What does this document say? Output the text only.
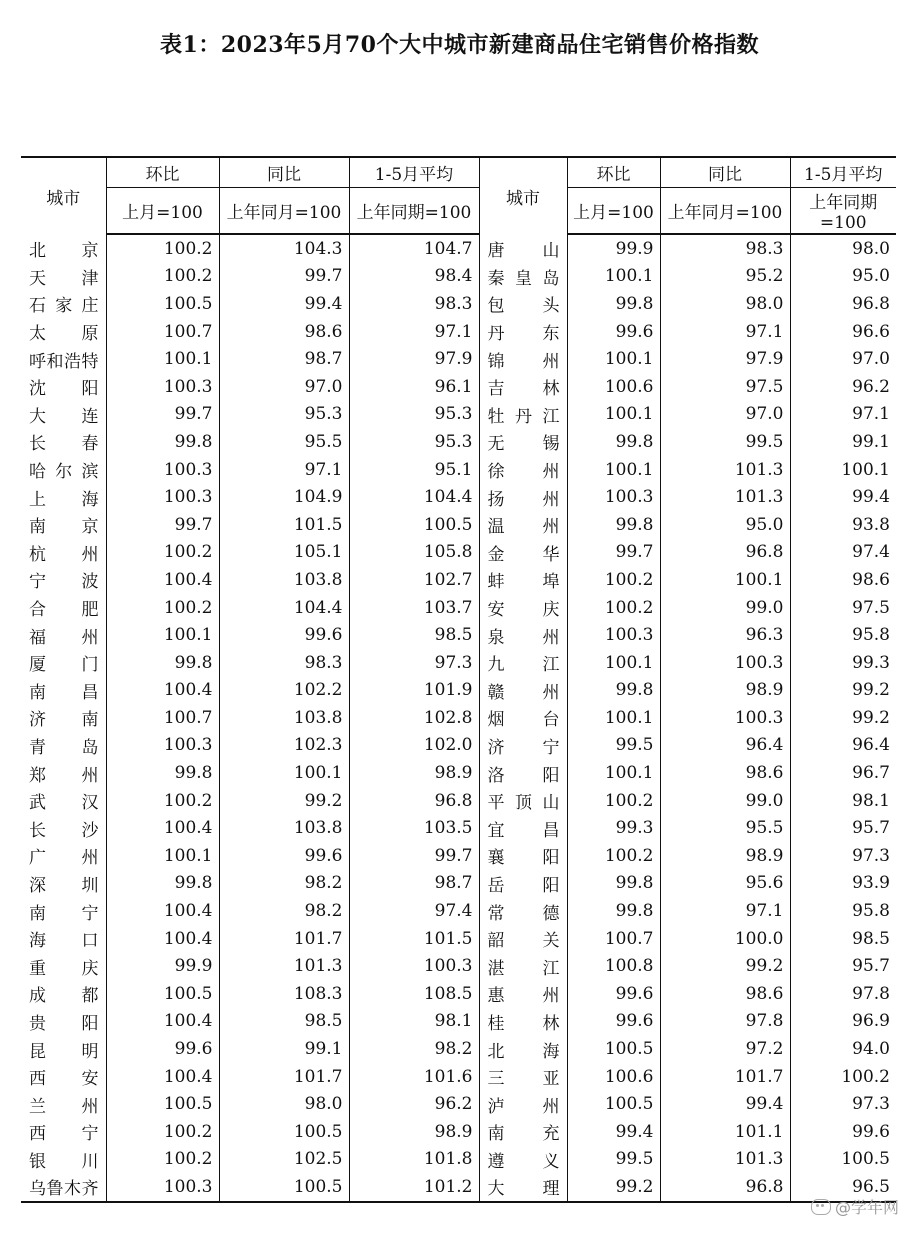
表1：2023年5月70个大中城市新建商品住宅销售价格指数
城市	环比	同比	1-5月平均	城市	环比	同比	1-5月平均
	上月=100	上年同月=100	上年同期=100		上月=100	上年同月=100	上年同期=100
北京	100.2	104.3	104.7	唐山	99.9	98.3	98.0
天津	100.2	99.7	98.4	秦皇岛	100.1	95.2	95.0
石家庄	100.5	99.4	98.3	包头	99.8	98.0	96.8
太原	100.7	98.6	97.1	丹东	99.6	97.1	96.6
呼和浩特	100.1	98.7	97.9	锦州	100.1	97.9	97.0
沈阳	100.3	97.0	96.1	吉林	100.6	97.5	96.2
大连	99.7	95.3	95.3	牡丹江	100.1	97.0	97.1
长春	99.8	95.5	95.3	无锡	99.8	99.5	99.1
哈尔滨	100.3	97.1	95.1	徐州	100.1	101.3	100.1
上海	100.3	104.9	104.4	扬州	100.3	101.3	99.4
南京	99.7	101.5	100.5	温州	99.8	95.0	93.8
杭州	100.2	105.1	105.8	金华	99.7	96.8	97.4
宁波	100.4	103.8	102.7	蚌埠	100.2	100.1	98.6
合肥	100.2	104.4	103.7	安庆	100.2	99.0	97.5
福州	100.1	99.6	98.5	泉州	100.3	96.3	95.8
厦门	99.8	98.3	97.3	九江	100.1	100.3	99.3
南昌	100.4	102.2	101.9	赣州	99.8	98.9	99.2
济南	100.7	103.8	102.8	烟台	100.1	100.3	99.2
青岛	100.3	102.3	102.0	济宁	99.5	96.4	96.4
郑州	99.8	100.1	98.9	洛阳	100.1	98.6	96.7
武汉	100.2	99.2	96.8	平顶山	100.2	99.0	98.1
长沙	100.4	103.8	103.5	宜昌	99.3	95.5	95.7
广州	100.1	99.6	99.7	襄阳	100.2	98.9	97.3
深圳	99.8	98.2	98.7	岳阳	99.8	95.6	93.9
南宁	100.4	98.2	97.4	常德	99.8	97.1	95.8
海口	100.4	101.7	101.5	韶关	100.7	100.0	98.5
重庆	99.9	101.3	100.3	湛江	100.8	99.2	95.7
成都	100.5	108.3	108.5	惠州	99.6	98.6	97.8
贵阳	100.4	98.5	98.1	桂林	99.6	97.8	96.9
昆明	99.6	99.1	98.2	北海	100.5	97.2	94.0
西安	100.4	101.7	101.6	三亚	100.6	101.7	100.2
兰州	100.5	98.0	96.2	泸州	100.5	99.4	97.3
西宁	100.2	100.5	98.9	南充	99.4	101.1	99.6
银川	100.2	102.5	101.8	遵义	99.5	101.3	100.5
乌鲁木齐	100.3	100.5	101.2	大理	99.2	96.8	96.5
@学年网
